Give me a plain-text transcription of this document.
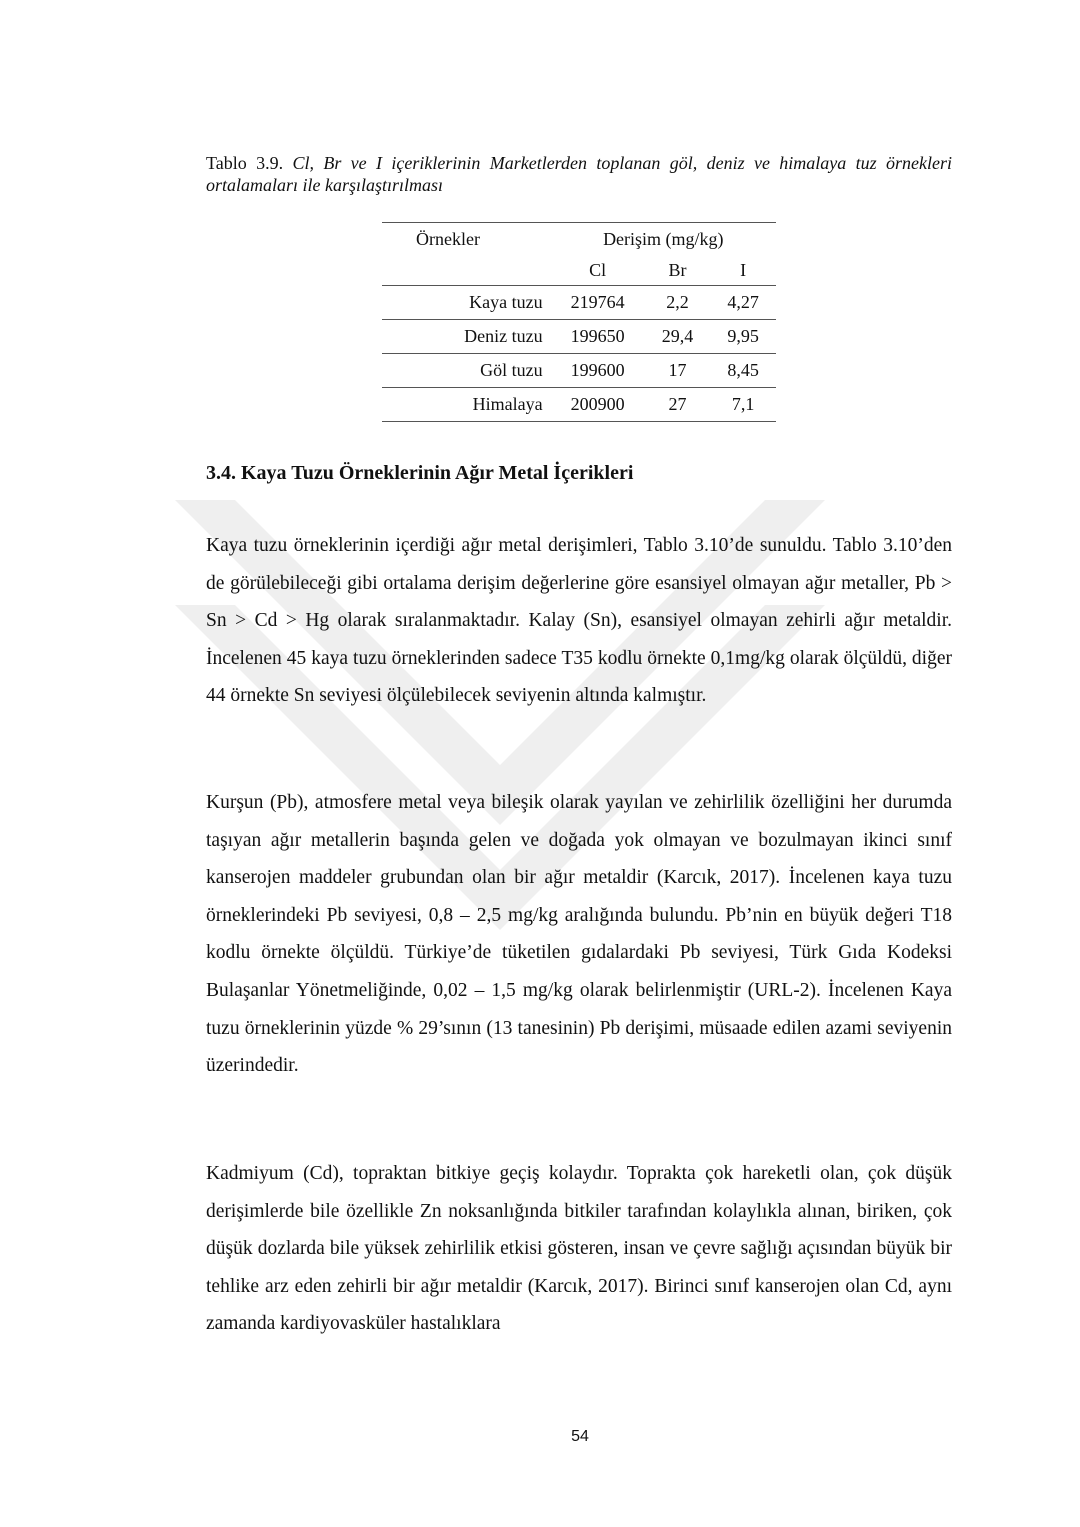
Tablo 3.9. Cl, Br ve I içeriklerinin Marketlerden toplanan göl, deniz ve himalaya tuz örnekleri ortalamaları ile karşılaştırılması
Örnekler	Derişim (mg/kg)		
	Cl	Br	I
Kaya tuzu	219764	2,2	4,27
Deniz tuzu	199650	29,4	9,95
Göl tuzu	199600	17	8,45
Himalaya	200900	27	7,1
3.4. Kaya Tuzu Örneklerinin Ağır Metal İçerikleri

Kaya tuzu örneklerinin içerdiği ağır metal derişimleri, Tablo 3.10’de sunuldu. Tablo 3.10’den de görülebileceği gibi ortalama derişim değerlerine göre esansiyel olmayan ağır metaller, Pb > Sn > Cd > Hg olarak sıralanmaktadır. Kalay (Sn), esansiyel olmayan zehirli ağır metaldir. İncelenen 45 kaya tuzu örneklerinden sadece T35 kodlu örnekte 0,1mg/kg olarak ölçüldü, diğer 44 örnekte Sn seviyesi ölçülebilecek seviyenin altında kalmıştır.

Kurşun (Pb), atmosfere metal veya bileşik olarak yayılan ve zehirlilik özelliğini her durumda taşıyan ağır metallerin başında gelen ve doğada yok olmayan ve bozulmayan ikinci sınıf kanserojen maddeler grubundan olan bir ağır metaldir (Karcık, 2017). İncelenen kaya tuzu örneklerindeki Pb seviyesi, 0,8 – 2,5 mg/kg aralığında bulundu. Pb’nin en büyük değeri T18 kodlu örnekte ölçüldü. Türkiye’de tüketilen gıdalardaki Pb seviyesi, Türk Gıda Kodeksi Bulaşanlar Yönetmeliğinde, 0,02 – 1,5 mg/kg olarak belirlenmiştir (URL-2). İncelenen Kaya tuzu örneklerinin yüzde % 29’sının (13 tanesinin) Pb derişimi, müsaade edilen azami seviyenin üzerindedir.

Kadmiyum (Cd), topraktan bitkiye geçiş kolaydır. Toprakta çok hareketli olan, çok düşük derişimlerde bile özellikle Zn noksanlığında bitkiler tarafından kolaylıkla alınan, biriken, çok düşük dozlarda bile yüksek zehirlilik etkisi gösteren, insan ve çevre sağlığı açısından büyük bir tehlike arz eden zehirli bir ağır metaldir (Karcık, 2017). Birinci sınıf kanserojen olan Cd, aynı zamanda kardiyovasküler hastalıklara

54
